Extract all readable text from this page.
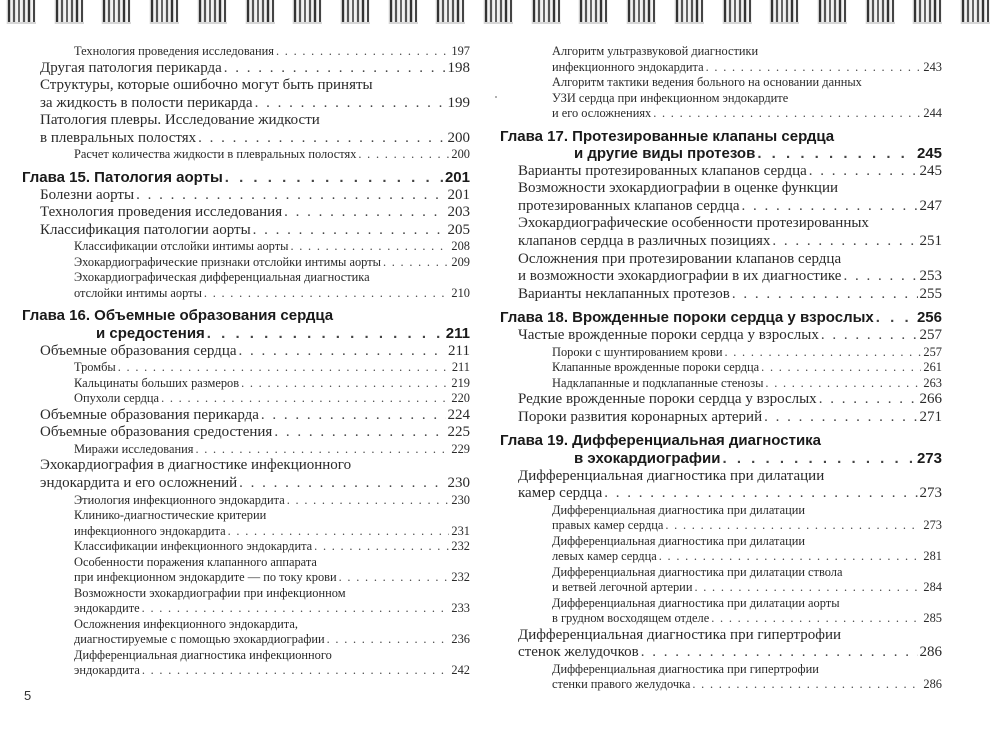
Технология проведения исследования . . .	197
Другая патология перикарда . . .	198
Структуры, которые ошибочно могут быть приняты
за жидкость в полости перикарда . . .	199
Патология плевры. Исследование жидкости
в плевральных полостях . . .	200
Расчет количества жидкости в плевральных полостях . . .	200
Глава 15. Патология аорты . . .	201
Болезни аорты . . .	201
Технология проведения исследования . . .	203
Классификация патологии аорты . . .	205
Классификации отслойки интимы аорты . . .	208
Эхокардиографические признаки отслойки интимы аорты . . .	209
Эхокардиографическая дифференциальная диагностика
отслойки интимы аорты . . .	210
Глава 16. Объемные образования сердца
и средостения . . .	211
Объемные образования сердца . . .	211
Тромбы . . .	211
Кальцинаты больших размеров . . .	219
Опухоли сердца . . .	220
Объемные образования перикарда . . .	224
Объемные образования средостения . . .	225
Миражи исследования . . .	229
Эхокардиография в диагностике инфекционного
эндокардита и его осложнений . . .	230
Этиология инфекционного эндокардита . . .	230
Клинико-диагностические критерии
инфекционного эндокардита . . .	231
Классификации инфекционного эндокардита . . .	232
Особенности поражения клапанного аппарата
при инфекционном эндокардите — по току крови . . .	232
Возможности эхокардиографии при инфекционном
эндокардите . . .	233
Осложнения инфекционного эндокардита,
диагностируемые с помощью эхокардиографии . . .	236
Дифференциальная диагностика инфекционного
эндокардита . . .	242
Алгоритм ультразвуковой диагностики
инфекционного эндокардита . . .	243
Алгоритм тактики ведения больного на основании данных
УЗИ сердца при инфекционном эндокардите
и его осложнениях . . .	244
Глава 17. Протезированные клапаны сердца
и другие виды протезов . . .	245
Варианты протезированных клапанов сердца . . .	245
Возможности эхокардиографии в оценке функции
протезированных клапанов сердца . . .	247
Эхокардиографические особенности протезированных
клапанов сердца в различных позициях . . .	251
Осложнения при протезировании клапанов сердца
и возможности эхокардиографии в их диагностике . . .	253
Варианты неклапанных протезов . . .	255
Глава 18. Врожденные пороки сердца у взрослых . . .	256
Частые врожденные пороки сердца у взрослых . . .	257
Пороки с шунтированием крови . . .	257
Клапанные врожденные пороки сердца . . .	261
Надклапанные и подклапанные стенозы . . .	263
Редкие врожденные пороки сердца у взрослых . . .	266
Пороки развития коронарных артерий . . .	271
Глава 19. Дифференциальная диагностика
в эхокардиографии . . .	273
Дифференциальная диагностика при дилатации
камер сердца . . .	273
Дифференциальная диагностика при дилатации
правых камер сердца . . .	273
Дифференциальная диагностика при дилатации
левых камер сердца . . .	281
Дифференциальная диагностика при дилатации ствола
и ветвей легочной артерии . . .	284
Дифференциальная диагностика при дилатации аорты
в грудном восходящем отделе . . .	285
Дифференциальная диагностика при гипертрофии
стенок желудочков . . .	286
Дифференциальная диагностика при гипертрофии
стенки правого желудочка . . .	286
5
